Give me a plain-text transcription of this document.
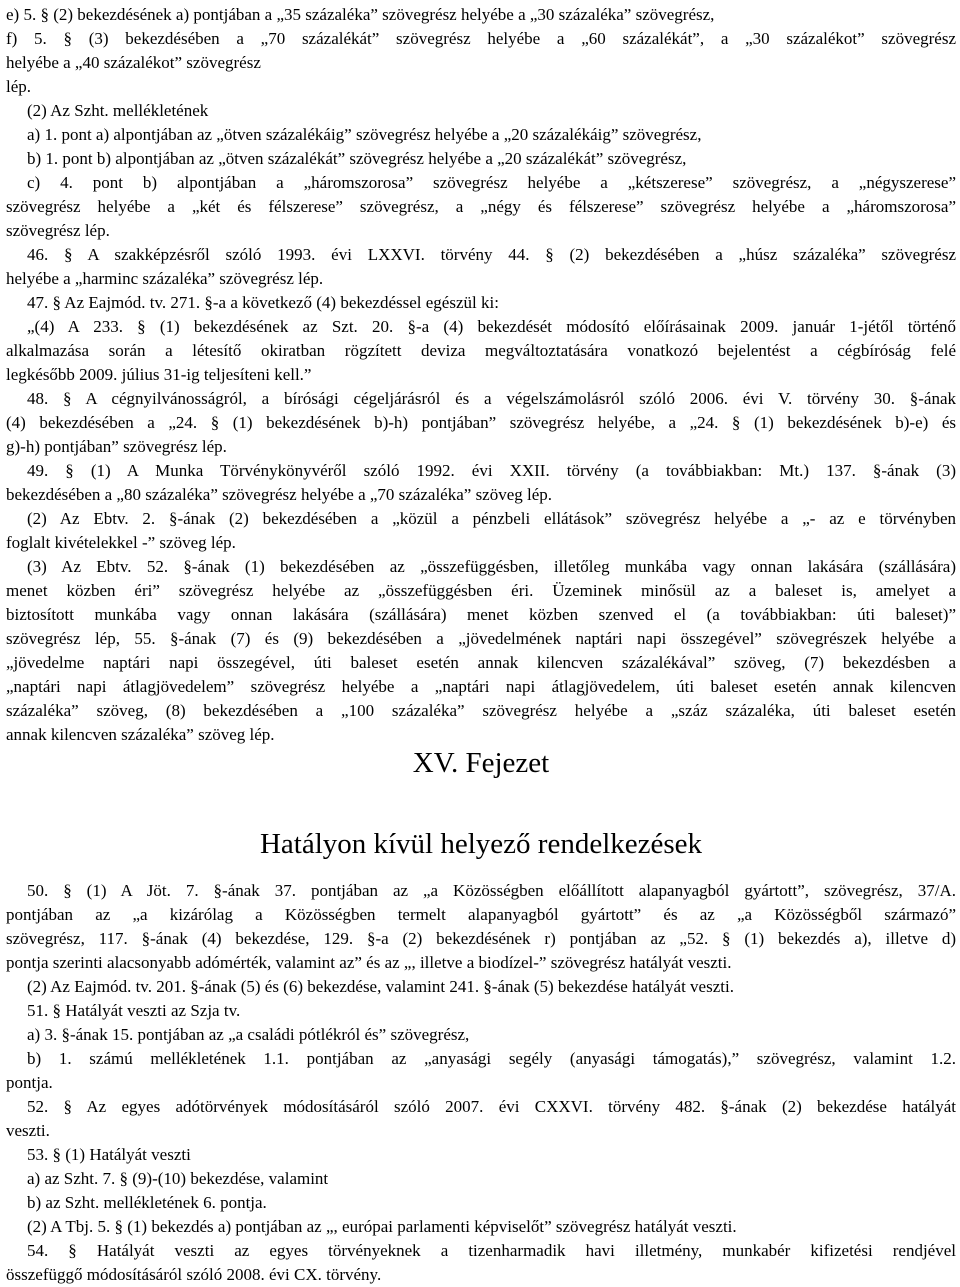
e) 5. § (2) bekezdésének a) pontjában a „35 százaléka” szövegrész helyébe a „30 százaléka” szövegrész,
f) 5. § (3) bekezdésében a „70 százalékát” szövegrész helyébe a „60 százalékát”, a „30 százalékot” szövegrész
helyébe a „40 százalékot” szövegrész
lép.
(2) Az Szht. mellékletének
a) 1. pont a) alpontjában az „ötven százalékáig” szövegrész helyébe a „20 százalékáig” szövegrész,
b) 1. pont b) alpontjában az „ötven százalékát” szövegrész helyébe a „20 százalékát” szövegrész,
c) 4. pont b) alpontjában a „háromszorosa” szövegrész helyébe a „kétszerese” szövegrész, a „négyszerese”
szövegrész helyébe a „két és félszerese” szövegrész, a „négy és félszerese” szövegrész helyébe a „háromszorosa”
szövegrész lép.
46. § A szakképzésről szóló 1993. évi LXXVI. törvény 44. § (2) bekezdésében a „húsz százaléka” szövegrész
helyébe a „harminc százaléka” szövegrész lép.
47. § Az Eajmód. tv. 271. §-a a következő (4) bekezdéssel egészül ki:
„(4) A 233. § (1) bekezdésének az Szt. 20. §-a (4) bekezdését módosító előírásainak 2009. január 1-jétől történő
alkalmazása során a létesítő okiratban rögzített deviza megváltoztatására vonatkozó bejelentést a cégbíróság felé
legkésőbb 2009. július 31-ig teljesíteni kell.”
48. § A cégnyilvánosságról, a bírósági cégeljárásról és a végelszámolásról szóló 2006. évi V. törvény 30. §-ának
(4) bekezdésében a „24. § (1) bekezdésének b)-h) pontjában” szövegrész helyébe, a „24. § (1) bekezdésének b)-e) és
g)-h) pontjában” szövegrész lép.
49. § (1) A Munka Törvénykönyvéről szóló 1992. évi XXII. törvény (a továbbiakban: Mt.) 137. §-ának (3)
bekezdésében a „80 százaléka” szövegrész helyébe a „70 százaléka” szöveg lép.
(2) Az Ebtv. 2. §-ának (2) bekezdésében a „közül a pénzbeli ellátások” szövegrész helyébe a „- az e törvényben
foglalt kivételekkel -” szöveg lép.
(3) Az Ebtv. 52. §-ának (1) bekezdésében az „összefüggésben, illetőleg munkába vagy onnan lakására (szállására)
menet közben éri” szövegrész helyébe az „összefüggésben éri. Üzeminek minősül az a baleset is, amelyet a
biztosított munkába vagy onnan lakására (szállására) menet közben szenved el (a továbbiakban: úti baleset)”
szövegrész lép, 55. §-ának (7) és (9) bekezdésében a „jövedelmének naptári napi összegével” szövegrészek helyébe a
„jövedelme naptári napi összegével, úti baleset esetén annak kilencven százalékával” szöveg, (7) bekezdésben a
„naptári napi átlagjövedelem” szövegrész helyébe a „naptári napi átlagjövedelem, úti baleset esetén annak kilencven
százaléka” szöveg, (8) bekezdésében a „100 százaléka” szövegrész helyébe a „száz százaléka, úti baleset esetén
annak kilencven százaléka” szöveg lép.
XV. Fejezet
Hatályon kívül helyező rendelkezések
50. § (1) A Jöt. 7. §-ának 37. pontjában az „a Közösségben előállított alapanyagból gyártott”, szövegrész, 37/A.
pontjában az „a kizárólag a Közösségben termelt alapanyagból gyártott” és az „a Közösségből származó”
szövegrész, 117. §-ának (4) bekezdése, 129. §-a (2) bekezdésének r) pontjában az „52. § (1) bekezdés a), illetve d)
pontja szerinti alacsonyabb adómérték, valamint az” és az „, illetve a biodízel-” szövegrész hatályát veszti.
(2) Az Eajmód. tv. 201. §-ának (5) és (6) bekezdése, valamint 241. §-ának (5) bekezdése hatályát veszti.
51. § Hatályát veszti az Szja tv.
a) 3. §-ának 15. pontjában az „a családi pótlékról és” szövegrész,
b) 1. számú mellékletének 1.1. pontjában az „anyasági segély (anyasági támogatás),” szövegrész, valamint 1.2.
pontja.
52. § Az egyes adótörvények módosításáról szóló 2007. évi CXXVI. törvény 482. §-ának (2) bekezdése hatályát
veszti.
53. § (1) Hatályát veszti
a) az Szht. 7. § (9)-(10) bekezdése, valamint
b) az Szht. mellékletének 6. pontja.
(2) A Tbj. 5. § (1) bekezdés a) pontjában az „, európai parlamenti képviselőt” szövegrész hatályát veszti.
54. § Hatályát veszti az egyes törvényeknek a tizenharmadik havi illetmény, munkabér kifizetési rendjével
összefüggő módosításáról szóló 2008. évi CX. törvény.
